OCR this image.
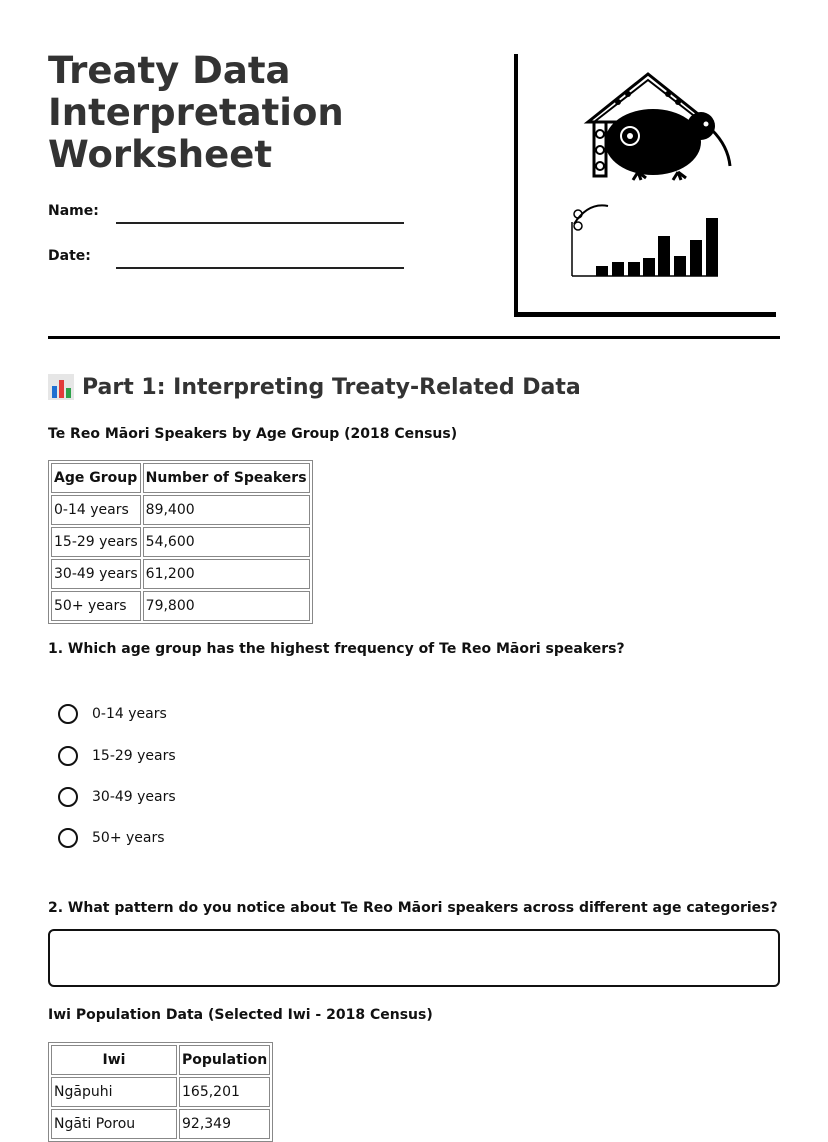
Treaty Data
Interpretation
Worksheet
Name:
Date:
Part 1: Interpreting Treaty-Related Data
Te Reo Māori Speakers by Age Group (2018 Census)
Age Group	Number of Speakers
0-14 years	89,400
15-29 years	54,600
30-49 years	61,200
50+ years	79,800

1. Which age group has the highest frequency of Te Reo Māori speakers?

0-14 years
15-29 years
30-49 years
50+ years

2. What pattern do you notice about Te Reo Māori speakers across different age categories?

Iwi Population Data (Selected Iwi - 2018 Census)
Iwi	Population
Ngāpuhi	165,201
Ngāti Porou	92,349
